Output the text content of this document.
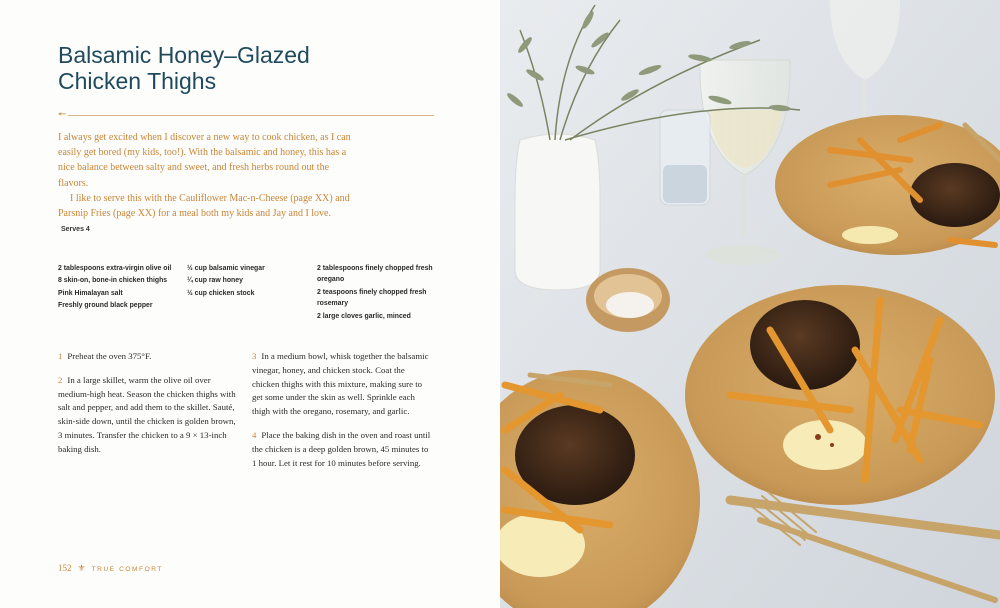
Balsamic Honey–Glazed
Chicken Thighs
↞

I always get excited when I discover a new way to cook chicken, as I can easily get bored (my kids, too!). With the balsamic and honey, this has a nice balance between salty and sweet, and fresh herbs round out the flavors.

I like to serve this with the Cauliflower Mac-n-Cheese (page XX) and Parsnip Fries (page XX) for a meal both my kids and Jay and I love. Serves 4

2 tablespoons extra-virgin olive oil
8 skin-on, bone-in chicken thighs
Pink Himalayan salt
Freshly ground black pepper
½ cup balsamic vinegar
¼ cup raw honey
½ cup chicken stock
2 tablespoons finely chopped fresh oregano
2 teaspoons finely chopped fresh rosemary
2 large cloves garlic, minced

1 Preheat the oven 375°F.

2 In a large skillet, warm the olive oil over medium-high heat. Season the chicken thighs with salt and pepper, and add them to the skillet. Sauté, skin-side down, until the chicken is golden brown, 3 minutes. Transfer the chicken to a 9 × 13-inch baking dish.

3 In a medium bowl, whisk together the balsamic vinegar, honey, and chicken stock. Coat the chicken thighs with this mixture, making sure to get some under the skin as well. Sprinkle each thigh with the oregano, rosemary, and garlic.

4 Place the baking dish in the oven and roast until the chicken is a deep golden brown, 45 minutes to 1 hour. Let it rest for 10 minutes before serving.

152 ⚜ TRUE COMFORT
